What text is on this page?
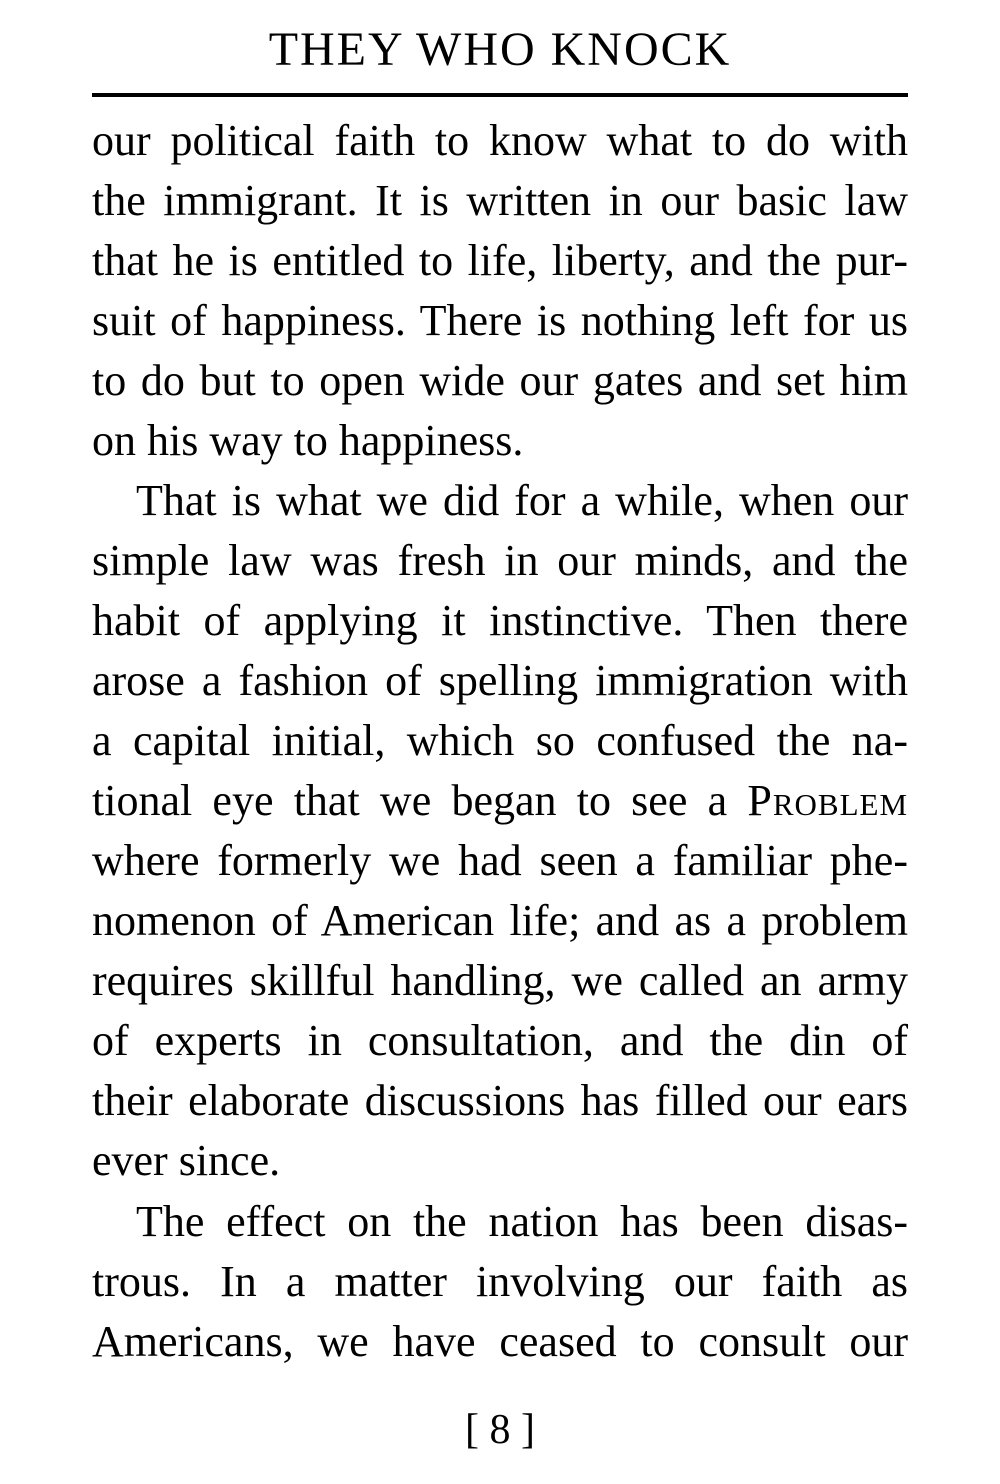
THEY WHO KNOCK
our political faith to know what to do with
the immigrant. It is written in our basic law
that he is entitled to life, liberty, and the pur-
suit of happiness. There is nothing left for us
to do but to open wide our gates and set him
on his way to happiness.
That is what we did for a while, when our
simple law was fresh in our minds, and the
habit of applying it instinctive. Then there
arose a fashion of spelling immigration with
a capital initial, which so confused the na-
tional eye that we began to see a Problem
where formerly we had seen a familiar phe-
nomenon of American life; and as a problem
requires skillful handling, we called an army
of experts in consultation, and the din of
their elaborate discussions has filled our ears
ever since.
The effect on the nation has been disas-
trous. In a matter involving our faith as
Americans, we have ceased to consult our
[ 8 ]
